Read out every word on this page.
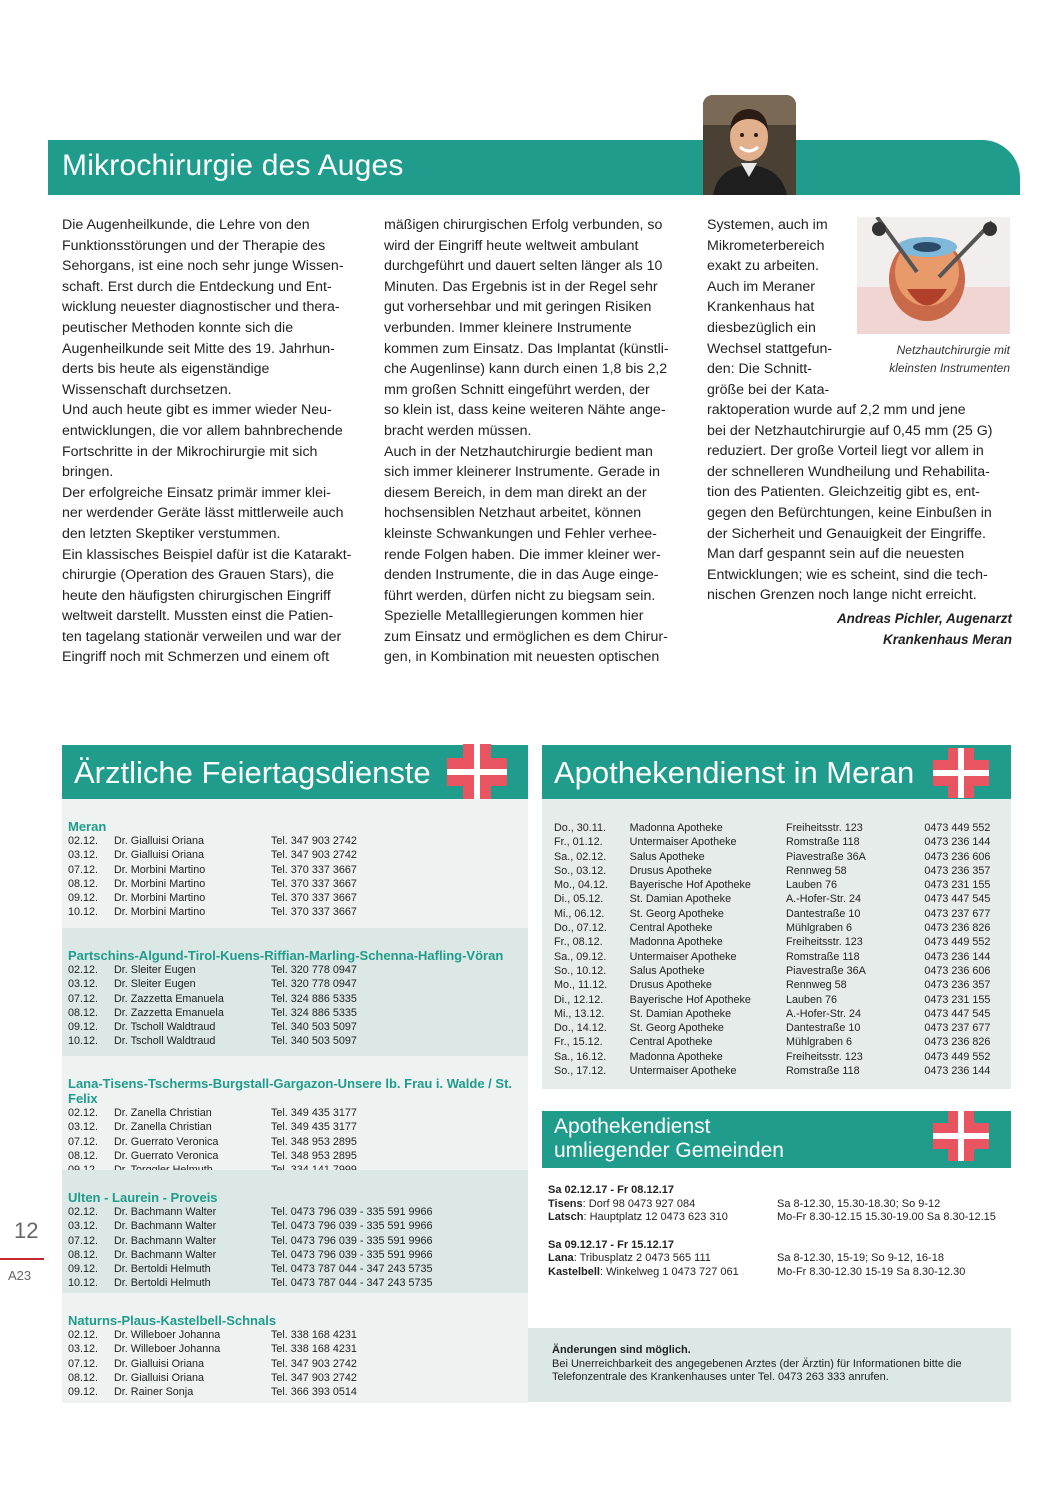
Mikrochirurgie des Auges

Die Augenheilkunde, die Lehre von den
Funktionsstörungen und der Therapie des
Sehorgans, ist eine noch sehr junge Wissen-
schaft. Erst durch die Entdeckung und Ent-
wicklung neuester diagnostischer und thera-
peutischer Methoden konnte sich die
Augenheilkunde seit Mitte des 19. Jahrhun-
derts bis heute als eigenständige
Wissenschaft durchsetzen.
Und auch heute gibt es immer wieder Neu-
entwicklungen, die vor allem bahnbrechende
Fortschritte in der Mikrochirurgie mit sich
bringen.
Der erfolgreiche Einsatz primär immer klei-
ner werdender Geräte lässt mittlerweile auch
den letzten Skeptiker verstummen.
Ein klassisches Beispiel dafür ist die Katarakt-
chirurgie (Operation des Grauen Stars), die
heute den häufigsten chirurgischen Eingriff
weltweit darstellt. Mussten einst die Patien-
ten tagelang stationär verweilen und war der
Eingriff noch mit Schmerzen und einem oft

mäßigen chirurgischen Erfolg verbunden, so
wird der Eingriff heute weltweit ambulant
durchgeführt und dauert selten länger als 10
Minuten. Das Ergebnis ist in der Regel sehr
gut vorhersehbar und mit geringen Risiken
verbunden. Immer kleinere Instrumente
kommen zum Einsatz. Das Implantat (künstli-
che Augenlinse) kann durch einen 1,8 bis 2,2
mm großen Schnitt eingeführt werden, der
so klein ist, dass keine weiteren Nähte ange-
bracht werden müssen.
Auch in der Netzhautchirurgie bedient man
sich immer kleinerer Instrumente. Gerade in
diesem Bereich, in dem man direkt an der
hochsensiblen Netzhaut arbeitet, können
kleinste Schwankungen und Fehler verhee-
rende Folgen haben. Die immer kleiner wer-
denden Instrumente, die in das Auge einge-
führt werden, dürfen nicht zu biegsam sein.
Spezielle Metalllegierungen kommen hier
zum Einsatz und ermöglichen es dem Chirur-
gen, in Kombination mit neuesten optischen

Systemen, auch im
Mikrometerbereich
exakt zu arbeiten.
Auch im Meraner
Krankenhaus hat
diesbezüglich ein
Wechsel stattgefun-
den: Die Schnitt-
größe bei der Kata-

raktoperation wurde auf 2,2 mm und jene
bei der Netzhautchirurgie auf 0,45 mm (25 G)
reduziert. Der große Vorteil liegt vor allem in
der schnelleren Wundheilung und Rehabilita-
tion des Patienten. Gleichzeitig gibt es, ent-
gegen den Befürchtungen, keine Einbußen in
der Sicherheit und Genauigkeit der Eingriffe.
Man darf gespannt sein auf die neuesten
Entwicklungen; wie es scheint, sind die tech-
nischen Grenzen noch lange nicht erreicht.

Netzhautchirurgie mit
kleinsten Instrumenten
Andreas Pichler, Augenarzt
Krankenhaus Meran
Ärztliche Feiertagsdienste
Meran
02.12.	Dr. Gialluisi Oriana	Tel. 347 903 2742
03.12.	Dr. Gialluisi Oriana	Tel. 347 903 2742
07.12.	Dr. Morbini Martino	Tel. 370 337 3667
08.12.	Dr. Morbini Martino	Tel. 370 337 3667
09.12.	Dr. Morbini Martino	Tel. 370 337 3667
10.12.	Dr. Morbini Martino	Tel. 370 337 3667
Partschins-Algund-Tirol-Kuens-Riffian-Marling-Schenna-Hafling-Vöran
02.12.	Dr. Sleiter Eugen	Tel. 320 778 0947
03.12.	Dr. Sleiter Eugen	Tel. 320 778 0947
07.12.	Dr. Zazzetta Emanuela	Tel. 324 886 5335
08.12.	Dr. Zazzetta Emanuela	Tel. 324 886 5335
09.12.	Dr. Tscholl Waldtraud	Tel. 340 503 5097
10.12.	Dr. Tscholl Waldtraud	Tel. 340 503 5097
Lana-Tisens-Tscherms-Burgstall-Gargazon-Unsere lb. Frau i. Walde / St. Felix
02.12.	Dr. Zanella Christian	Tel. 349 435 3177
03.12.	Dr. Zanella Christian	Tel. 349 435 3177
07.12.	Dr. Guerrato Veronica	Tel. 348 953 2895
08.12.	Dr. Guerrato Veronica	Tel. 348 953 2895
Ulten - Laurein - Proveis
02.12.	Dr. Bachmann Walter	Tel. 0473 796 039 - 335 591 9966
03.12.	Dr. Bachmann Walter	Tel. 0473 796 039 - 335 591 9966
07.12.	Dr. Bachmann Walter	Tel. 0473 796 039 - 335 591 9966
08.12.	Dr. Bachmann Walter	Tel. 0473 796 039 - 335 591 9966
09.12.	Dr. Bertoldi Helmuth	Tel. 0473 787 044 - 347 243 5735
10.12.	Dr. Bertoldi Helmuth	Tel. 0473 787 044 - 347 243 5735
Naturns-Plaus-Kastelbell-Schnals
02.12.	Dr. Willeboer Johanna	Tel. 338 168 4231
03.12.	Dr. Willeboer Johanna	Tel. 338 168 4231
07.12.	Dr. Gialluisi Oriana	Tel. 347 903 2742
08.12.	Dr. Gialluisi Oriana	Tel. 347 903 2742
09.12.	Dr. Rainer Sonja	Tel. 366 393 0514
Apothekendienst in Meran
Do., 30.11.	Madonna Apotheke	Freiheitsstr. 123	0473 449 552
Fr., 01.12.	Untermaiser Apotheke	Romstraße 118	0473 236 144
Sa., 02.12.	Salus Apotheke	Piavestraße 36A	0473 236 606
So., 03.12.	Drusus Apotheke	Rennweg 58	0473 236 357
Mo., 04.12.	Bayerische Hof Apotheke	Lauben 76	0473 231 155
Di., 05.12.	St. Damian Apotheke	A.-Hofer-Str. 24	0473 447 545
Mi., 06.12.	St. Georg Apotheke	Dantestraße 10	0473 237 677
Do., 07.12.	Central Apotheke	Mühlgraben 6	0473 236 826
Fr., 08.12.	Madonna Apotheke	Freiheitsstr. 123	0473 449 552
Sa., 09.12.	Untermaiser Apotheke	Romstraße 118	0473 236 144
So., 10.12.	Salus Apotheke	Piavestraße 36A	0473 236 606
Mo., 11.12.	Drusus Apotheke	Rennweg 58	0473 236 357
Di., 12.12.	Bayerische Hof Apotheke	Lauben 76	0473 231 155
Mi., 13.12.	St. Damian Apotheke	A.-Hofer-Str. 24	0473 447 545
Do., 14.12.	St. Georg Apotheke	Dantestraße 10	0473 237 677
Fr., 15.12.	Central Apotheke	Mühlgraben 6	0473 236 826
Sa., 16.12.	Madonna Apotheke	Freiheitsstr. 123	0473 449 552
So., 17.12.	Untermaiser Apotheke	Romstraße 118	0473 236 144
Apothekendienst
umliegender Gemeinden
Sa 02.12.17 - Fr 08.12.17
Tisens: Dorf 98 0473 927 084	Sa 8-12.30, 15.30-18.30; So 9-12
Latsch: Hauptplatz 12 0473 623 310	Mo-Fr 8.30-12.15 15.30-19.00 Sa 8.30-12.15
Sa 09.12.17 - Fr 15.12.17
Lana: Tribusplatz 2 0473 565 111	Sa 8-12.30, 15-19; So 9-12, 16-18
Kastelbell: Winkelweg 1 0473 727 061	Mo-Fr 8.30-12.30 15-19 Sa 8.30-12.30
Änderungen sind möglich.
Bei Unerreichbarkeit des angegebenen Arztes (der Ärztin) für Informationen bitte die Telefonzentrale des Krankenhauses unter Tel. 0473 263 333 anrufen.
12
A23
